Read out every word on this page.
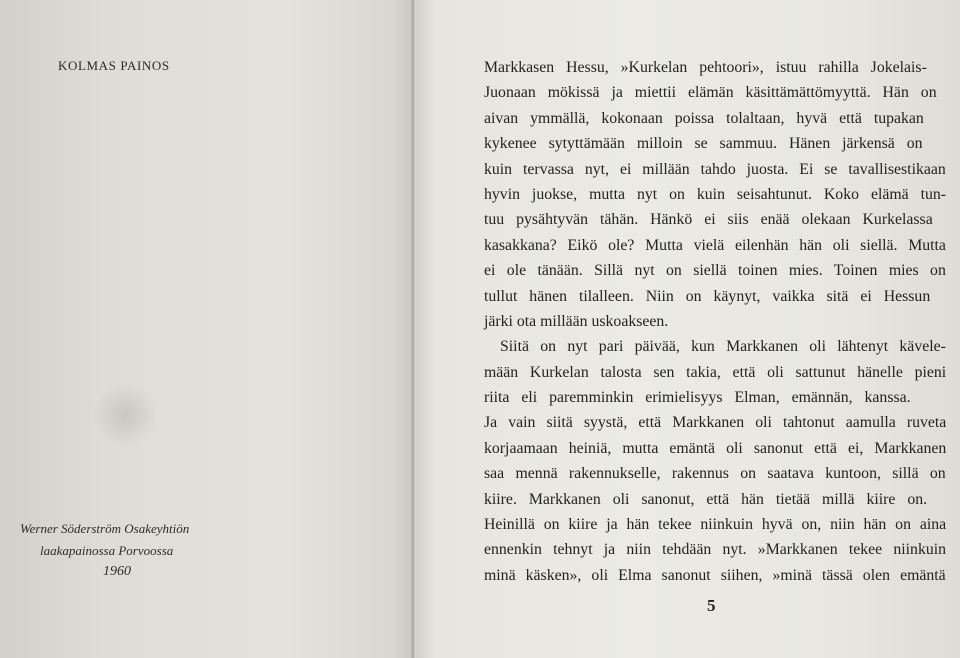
KOLMAS PAINOS

Werner Söderström Osakeyhtiön
laakapainossa Porvoossa
1960
Markkasen Hessu, »Kurkelan pehtoori», istuu rahilla Jokelais-
Juonaan mökissä ja miettii elämän käsittämättömyyttä. Hän on
aivan ymmällä, kokonaan poissa tolaltaan, hyvä että tupakan
kykenee sytyttämään milloin se sammuu. Hänen järkensä on
kuin tervassa nyt, ei millään tahdo juosta. Ei se tavallisestikaan
hyvin juokse, mutta nyt on kuin seisahtunut. Koko elämä tun-
tuu pysähtyvän tähän. Hänkö ei siis enää olekaan Kurkelassa
kasakkana? Eikö ole? Mutta vielä eilenhän hän oli siellä. Mutta
ei ole tänään. Sillä nyt on siellä toinen mies. Toinen mies on
tullut hänen tilalleen. Niin on käynyt, vaikka sitä ei Hessun
järki ota millään uskoakseen.
Siitä on nyt pari päivää, kun Markkanen oli lähtenyt kävele-
mään Kurkelan talosta sen takia, että oli sattunut hänelle pieni
riita eli paremminkin erimielisyys Elman, emännän, kanssa.
Ja vain siitä syystä, että Markkanen oli tahtonut aamulla ruveta
korjaamaan heiniä, mutta emäntä oli sanonut että ei, Markkanen
saa mennä rakennukselle, rakennus on saatava kuntoon, sillä on
kiire. Markkanen oli sanonut, että hän tietää millä kiire on.
Heinillä on kiire ja hän tekee niinkuin hyvä on, niin hän on aina
ennenkin tehnyt ja niin tehdään nyt. »Markkanen tekee niinkuin
minä käsken», oli Elma sanonut siihen, »minä tässä olen emäntä

5
